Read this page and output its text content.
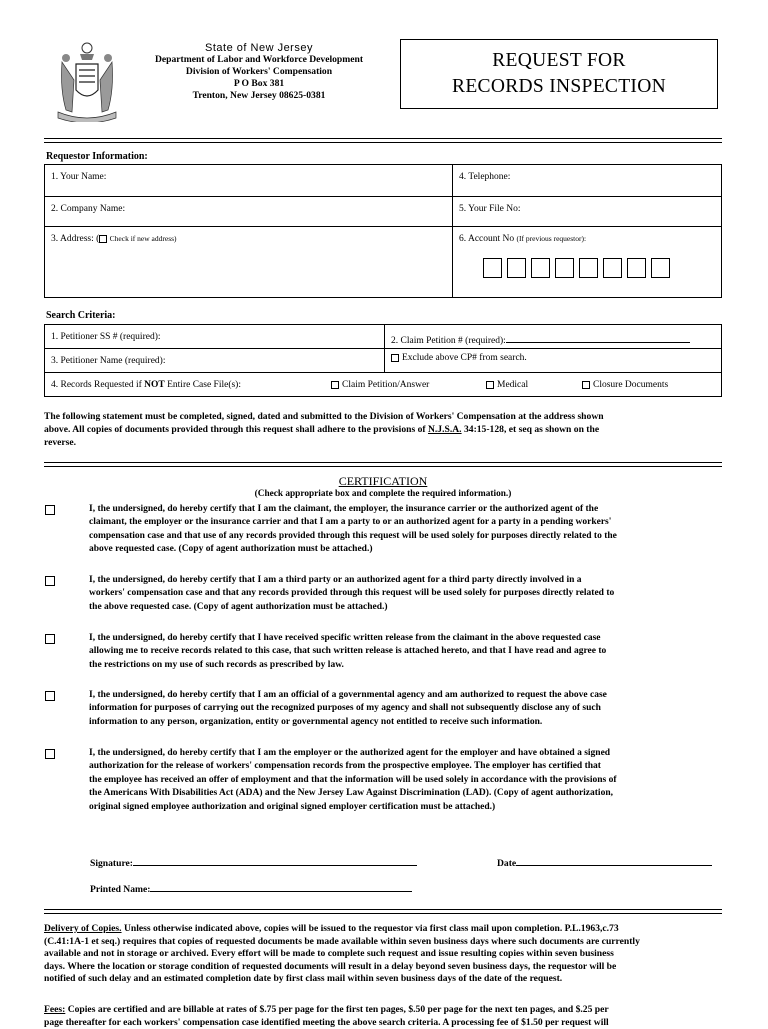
State of New Jersey
Department of Labor and Workforce Development
Division of Workers' Compensation
P O Box 381
Trenton, New Jersey 08625-0381
REQUEST FOR
RECORDS INSPECTION
Requestor Information:
1. Your Name:	4. Telephone:
2. Company Name:	5. Your File No:
3. Address: ( Check if new address)	6. Account No (If previous requestor):
Search Criteria:
1. Petitioner SS # (required):	2. Claim Petition # (required):
3. Petitioner Name (required):	Exclude above CP# from search.
4. Records Requested if NOT Entire Case File(s): Claim Petition/Answer Medical Closure Documents	
The following statement must be completed, signed, dated and submitted to the Division of Workers' Compensation at the address shown
above. All copies of documents provided through this request shall adhere to the provisions of N.J.S.A. 34:15-128, et seq as shown on the
reverse.
CERTIFICATION
(Check appropriate box and complete the required information.)
I, the undersigned, do hereby certify that I am the claimant, the employer, the insurance carrier or the authorized agent of the
claimant, the employer or the insurance carrier and that I am a party to or an authorized agent for a party in a pending workers'
compensation case and that use of any records provided through this request will be used solely for purposes directly related to the
above requested case. (Copy of agent authorization must be attached.)
I, the undersigned, do hereby certify that I am a third party or an authorized agent for a third party directly involved in a
workers' compensation case and that any records provided through this request will be used solely for purposes directly related to
the above requested case. (Copy of agent authorization must be attached.)
I, the undersigned, do hereby certify that I have received specific written release from the claimant in the above requested case
allowing me to receive records related to this case, that such written release is attached hereto, and that I have read and agree to
the restrictions on my use of such records as prescribed by law.
I, the undersigned, do hereby certify that I am an official of a governmental agency and am authorized to request the above case
information for purposes of carrying out the recognized purposes of my agency and shall not subsequently disclose any of such
information to any person, organization, entity or governmental agency not entitled to receive such information.
I, the undersigned, do hereby certify that I am the employer or the authorized agent for the employer and have obtained a signed
authorization for the release of workers' compensation records from the prospective employee. The employer has certified that
the employee has received an offer of employment and that the information will be used solely in accordance with the provisions of
the Americans With Disabilities Act (ADA) and the New Jersey Law Against Discrimination (LAD). (Copy of agent authorization,
original signed employee authorization and original signed employer certification must be attached.)
Signature:	Date
Printed Name:
Delivery of Copies. Unless otherwise indicated above, copies will be issued to the requestor via first class mail upon completion. P.L.1963,c.73
(C.41:1A-1 et seq.) requires that copies of requested documents be made available within seven business days where such documents are currently
available and not in storage or archived. Every effort will be made to complete such request and issue resulting copies within seven business
days. Where the location or storage condition of requested documents will result in a delay beyond seven business days, the requestor will be
notified of such delay and an estimated completion date by first class mail within seven business days of the date of the request.
Fees: Copies are certified and are billable at rates of $.75 per page for the first ten pages, $.50 per page for the next ten pages, and $.25 per
page thereafter for each workers' compensation case identified meeting the above search criteria. A processing fee of $1.50 per request will
